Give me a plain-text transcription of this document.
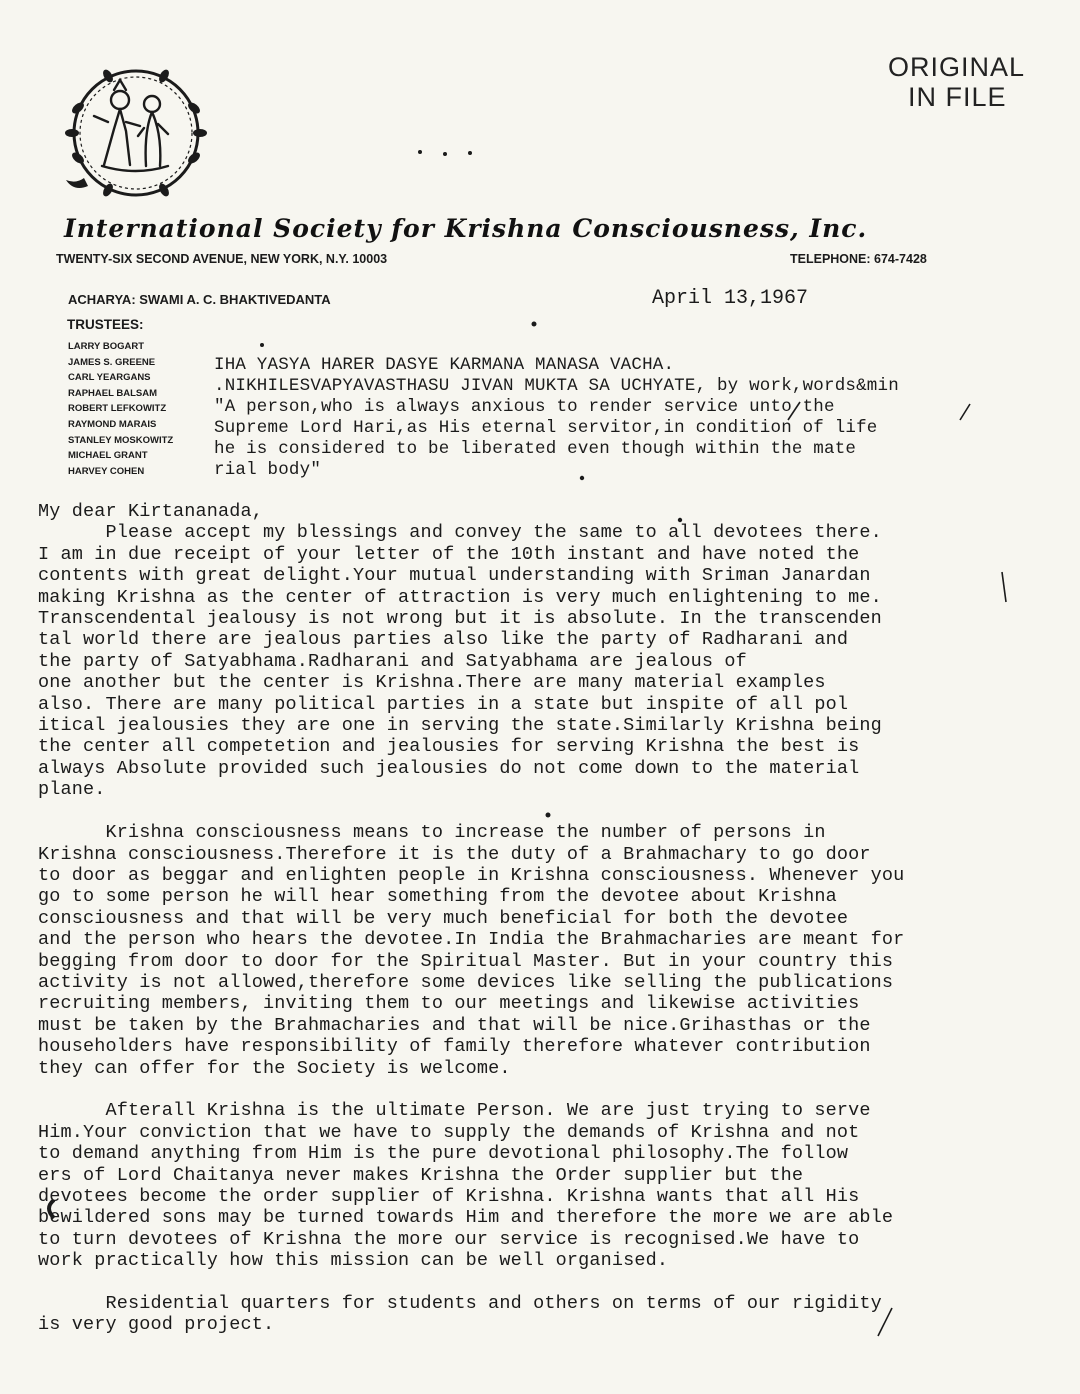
ORIGINAL
IN FILE
International Society for Krishna Consciousness, Inc.
TWENTY-SIX SECOND AVENUE, NEW YORK, N.Y. 10003	TELEPHONE: 674-7428
ACHARYA: SWAMI A. C. BHAKTIVEDANTA
TRUSTEES:
LARRY BOGART
JAMES S. GREENE
CARL YEARGANS
RAPHAEL BALSAM
ROBERT LEFKOWITZ
RAYMOND MARAIS
STANLEY MOSKOWITZ
MICHAEL GRANT
HARVEY COHEN
April 13,1967
IHA YASYA HARER DASYE KARMANA MANASA VACHA.
.NIKHILESVAPYAVASTHASU JIVAN MUKTA SA UCHYATE, by work,words&min
"A person,who is always anxious to render service unto the
Supreme Lord Hari,as His eternal servitor,in condition of life
he is considered to be liberated even though within the mate
rial body"
My dear Kirtananada,
Please accept my blessings and convey the same to all devotees there.
I am in due receipt of your letter of the 10th instant and have noted the
contents with great delight.Your mutual understanding with Sriman Janardan
making Krishna as the center of attraction is very much enlightening to me.
Transcendental jealousy is not wrong but it is absolute. In the transcenden
tal world there are jealous parties also like the party of Radharani and
the party of Satyabhama.Radharani and Satyabhama are jealous of
one another but the center is Krishna.There are many material examples
also. There are many political parties in a state but inspite of all pol
itical jealousies they are one in serving the state.Similarly Krishna being
the center all competetion and jealousies for serving Krishna the best is
always Absolute provided such jealousies do not come down to the material
plane.

Krishna consciousness means to increase the number of persons in
Krishna consciousness.Therefore it is the duty of a Brahmachary to go door
to door as beggar and enlighten people in Krishna consciousness. Whenever you
go to some person he will hear something from the devotee about Krishna
consciousness and that will be very much beneficial for both the devotee
and the person who hears the devotee.In India the Brahmacharies are meant for
begging from door to door for the Spiritual Master. But in your country this
activity is not allowed,therefore some devices like selling the publications
recruiting members, inviting them to our meetings and likewise activities
must be taken by the Brahmacharies and that will be nice.Grihasthas or the
householders have responsibility of family therefore whatever contribution
they can offer for the Society is welcome.

Afterall Krishna is the ultimate Person. We are just trying to serve
Him.Your conviction that we have to supply the demands of Krishna and not
to demand anything from Him is the pure devotional philosophy.The follow
ers of Lord Chaitanya never makes Krishna the Order supplier but the
devotees become the order supplier of Krishna. Krishna wants that all His
bewildered sons may be turned towards Him and therefore the more we are able
to turn devotees of Krishna the more our service is recognised.We have to
work practically how this mission can be well organised.

Residential quarters for students and others on terms of our rigidity
is very good project.
